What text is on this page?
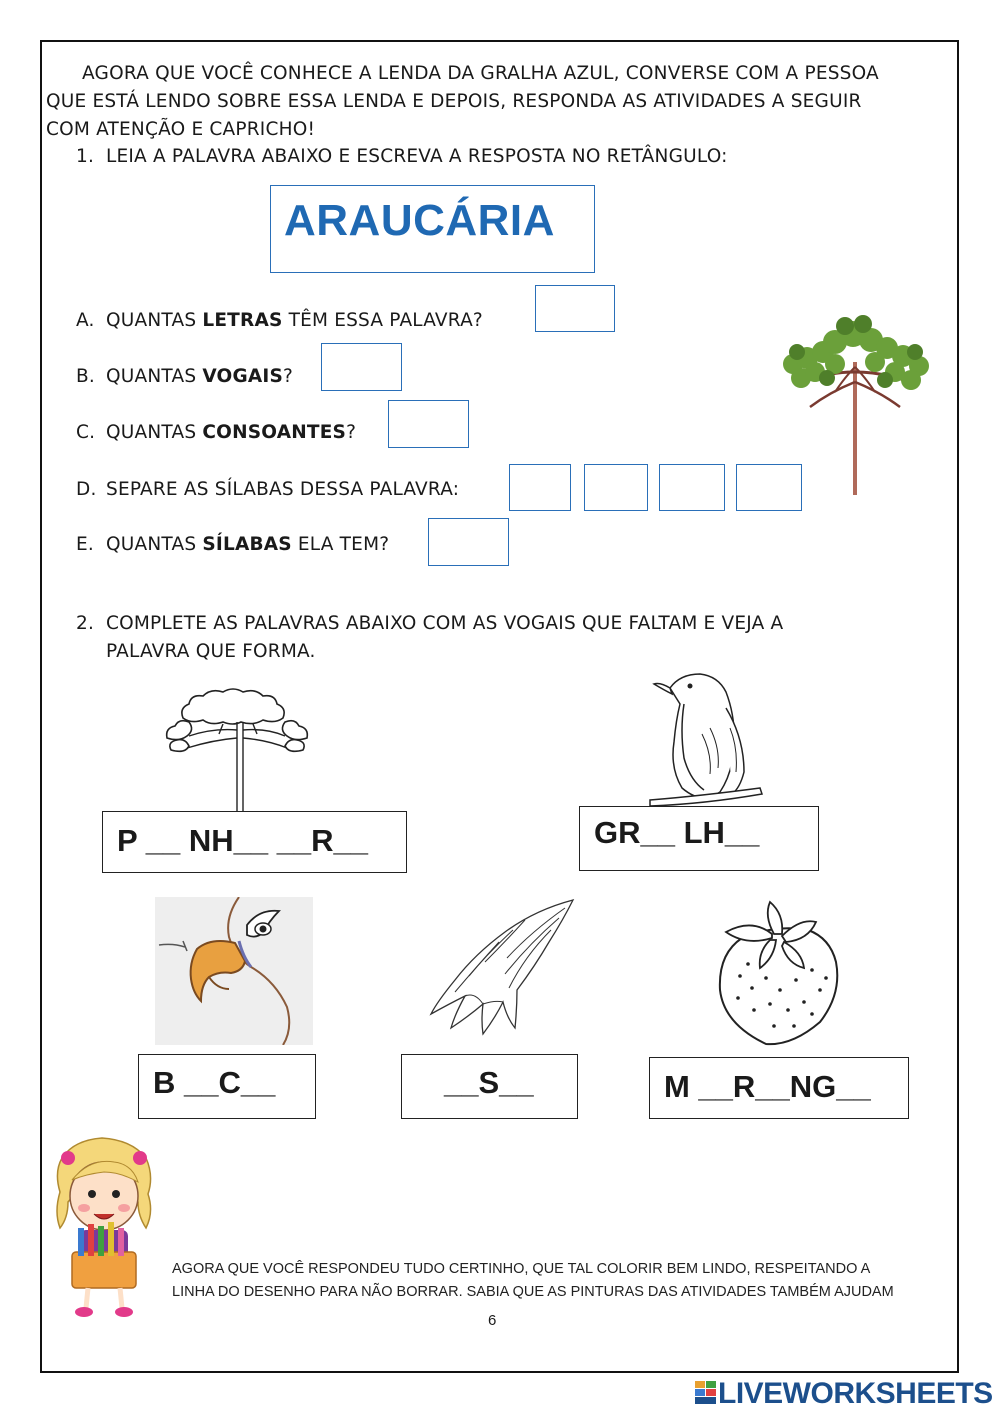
AGORA QUE VOCÊ CONHECE A LENDA DA GRALHA AZUL, CONVERSE COM A PESSOA
QUE ESTÁ LENDO SOBRE ESSA LENDA E DEPOIS, RESPONDA AS ATIVIDADES A SEGUIR
COM ATENÇÃO E CAPRICHO!
1. LEIA A PALAVRA ABAIXO E ESCREVA A RESPOSTA NO RETÂNGULO:
ARAUCÁRIA
A. QUANTAS LETRAS TÊM ESSA PALAVRA?
B. QUANTAS VOGAIS?
C. QUANTAS CONSOANTES?
D. SEPARE AS SÍLABAS DESSA PALAVRA:
E. QUANTAS SÍLABAS ELA TEM?
2. COMPLETE AS PALAVRAS ABAIXO COM AS VOGAIS QUE FALTAM E VEJA A
PALAVRA QUE FORMA.
P __ NH__ __R__	GR__ LH__
B __C__	__S__	M __R__NG__
AGORA QUE VOCÊ RESPONDEU TUDO CERTINHO, QUE TAL COLORIR BEM LINDO, RESPEITANDO A
LINHA DO DESENHO PARA NÃO BORRAR. SABIA QUE AS PINTURAS DAS ATIVIDADES TAMBÉM AJUDAM
6
LIVEWORKSHEETS
